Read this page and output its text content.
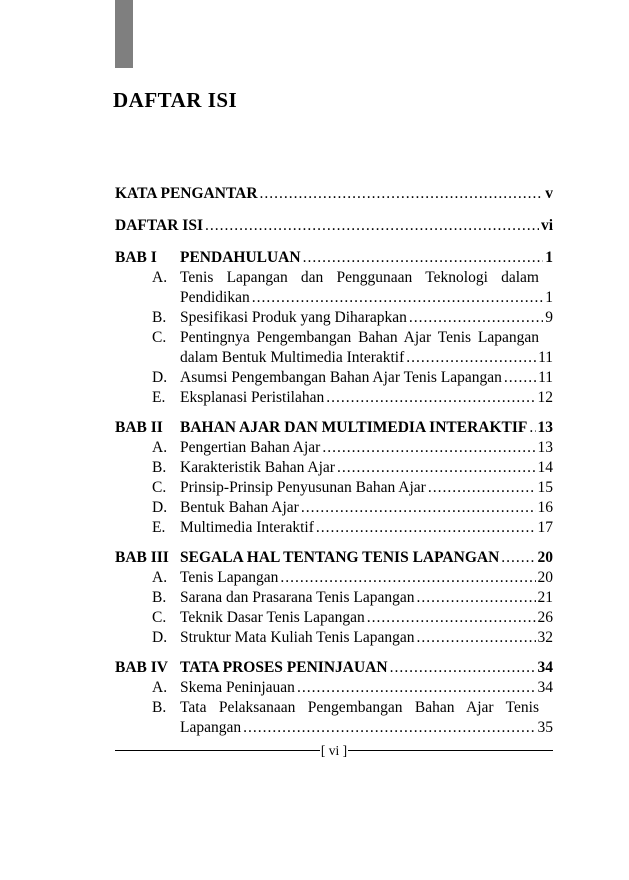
DAFTAR ISI
KATA PENGANTAR .....	v
DAFTAR ISI .....	vi
BAB I	PENDAHULUAN .....	1
A. Tenis Lapangan dan Penggunaan Teknologi dalam
Pendidikan .....	1
B. Spesifikasi Produk yang Diharapkan .....	9
C. Pentingnya Pengembangan Bahan Ajar Tenis Lapangan
dalam Bentuk Multimedia Interaktif .....	11
D. Asumsi Pengembangan Bahan Ajar Tenis Lapangan ..... 11
E. Eksplanasi Peristilahan .....	12
BAB II	BAHAN AJAR DAN MULTIMEDIA INTERAKTIF ..... 13
A. Pengertian Bahan Ajar .....	13
B. Karakteristik Bahan Ajar .....	14
C. Prinsip-Prinsip Penyusunan Bahan Ajar .....	15
D. Bentuk Bahan Ajar .....	16
E. Multimedia Interaktif .....	17
BAB III SEGALA HAL TENTANG TENIS LAPANGAN ..... 20
A. Tenis Lapangan .....	20
B. Sarana dan Prasarana Tenis Lapangan .....	21
C. Teknik Dasar Tenis Lapangan .....	26
D. Struktur Mata Kuliah Tenis Lapangan .....	32
BAB IV TATA PROSES PENINJAUAN .....	34
A. Skema Peninjauan .....	34
B. Tata Pelaksanaan Pengembangan Bahan Ajar Tenis
Lapangan .....	35
[ vi ]
